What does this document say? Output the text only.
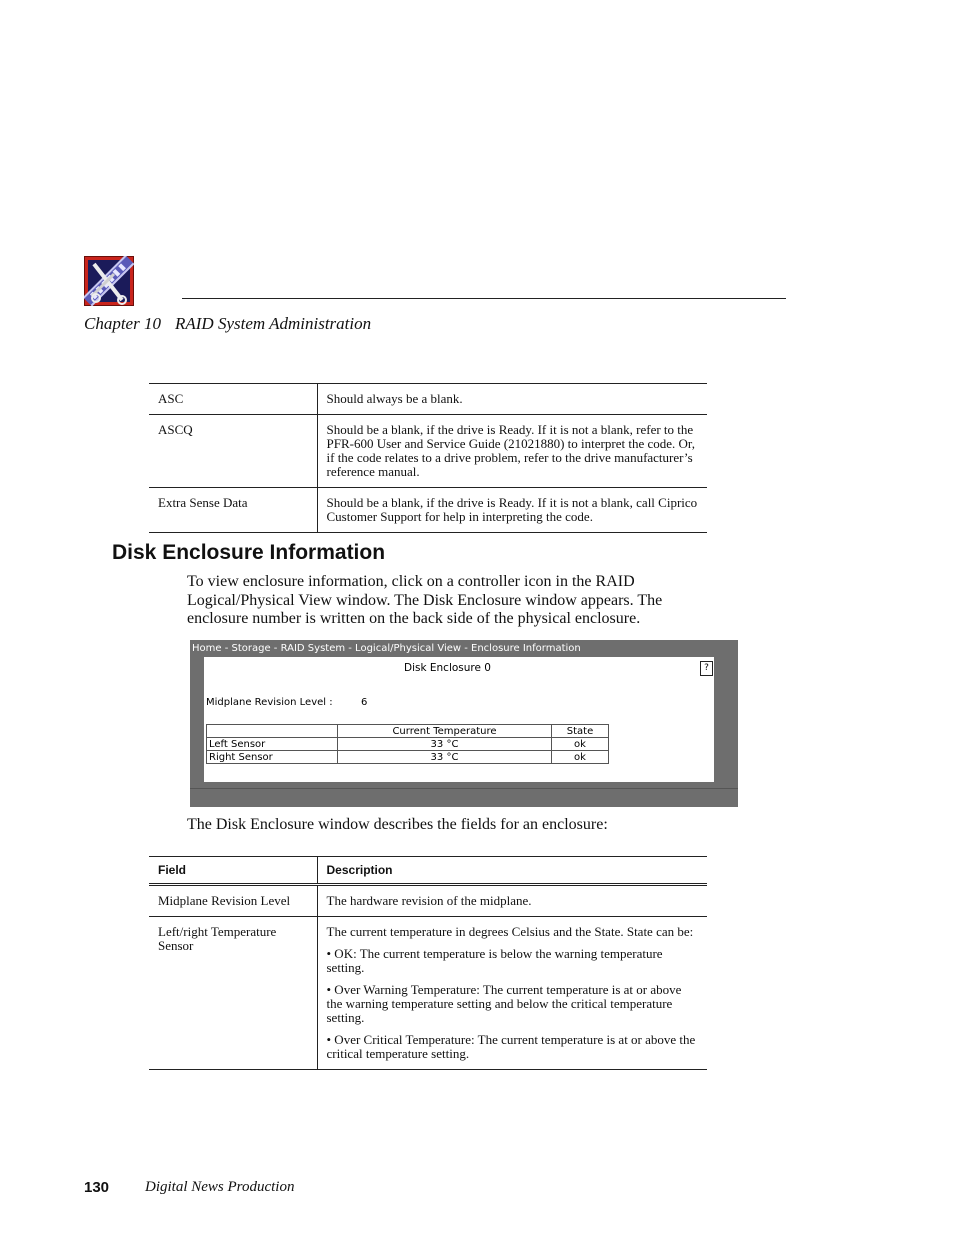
Chapter 10 RAID System Administration
ASC	Should always be a blank.
ASCQ	Should be a blank, if the drive is Ready. If it is not a blank, refer to the PFR-600 User and Service Guide (21021880) to interpret the code. Or, if the code relates to a drive problem, refer to the drive manufacturer’s reference manual.
Extra Sense Data	Should be a blank, if the drive is Ready. If it is not a blank, call Ciprico Customer Support for help in interpreting the code.
Disk Enclosure Information
To view enclosure information, click on a controller icon in the RAID Logical/Physical View window. The Disk Enclosure window appears. The enclosure number is written on the back side of the physical enclosure.
Home - Storage - RAID System - Logical/Physical View - Enclosure Information
Disk Enclosure 0	?
Midplane Revision Level :	6
	Current Temperature	State
Left Sensor	33 °C	ok
Right Sensor	33 °C	ok
The Disk Enclosure window describes the fields for an enclosure:
Field	Description
Midplane Revision Level	The hardware revision of the midplane.

Left/right Temperature Sensor	The current temperature in degrees Celsius and the State. State can be:

• OK: The current temperature is below the warning temperature setting.

• Over Warning Temperature: The current temperature is at or above the warning temperature setting and below the critical temperature setting.

• Over Critical Temperature: The current temperature is at or above the critical temperature setting.

130 Digital News Production
